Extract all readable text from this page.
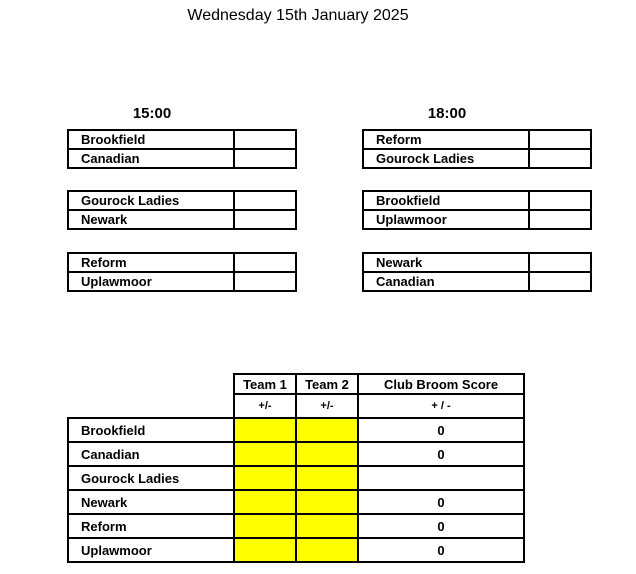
Wednesday 15th January 2025
15:00
Brookfield	
Canadian	
Gourock Ladies	
Newark	
Reform	
Uplawmoor	
18:00
Reform	
Gourock Ladies	
Brookfield	
Uplawmoor	
Newark	
Canadian	
	Team 1	Team 2	Club Broom Score
	+/-	+/-	+ / -
Brookfield			0
Canadian			0
Gourock Ladies			
Newark			0
Reform			0
Uplawmoor			0
